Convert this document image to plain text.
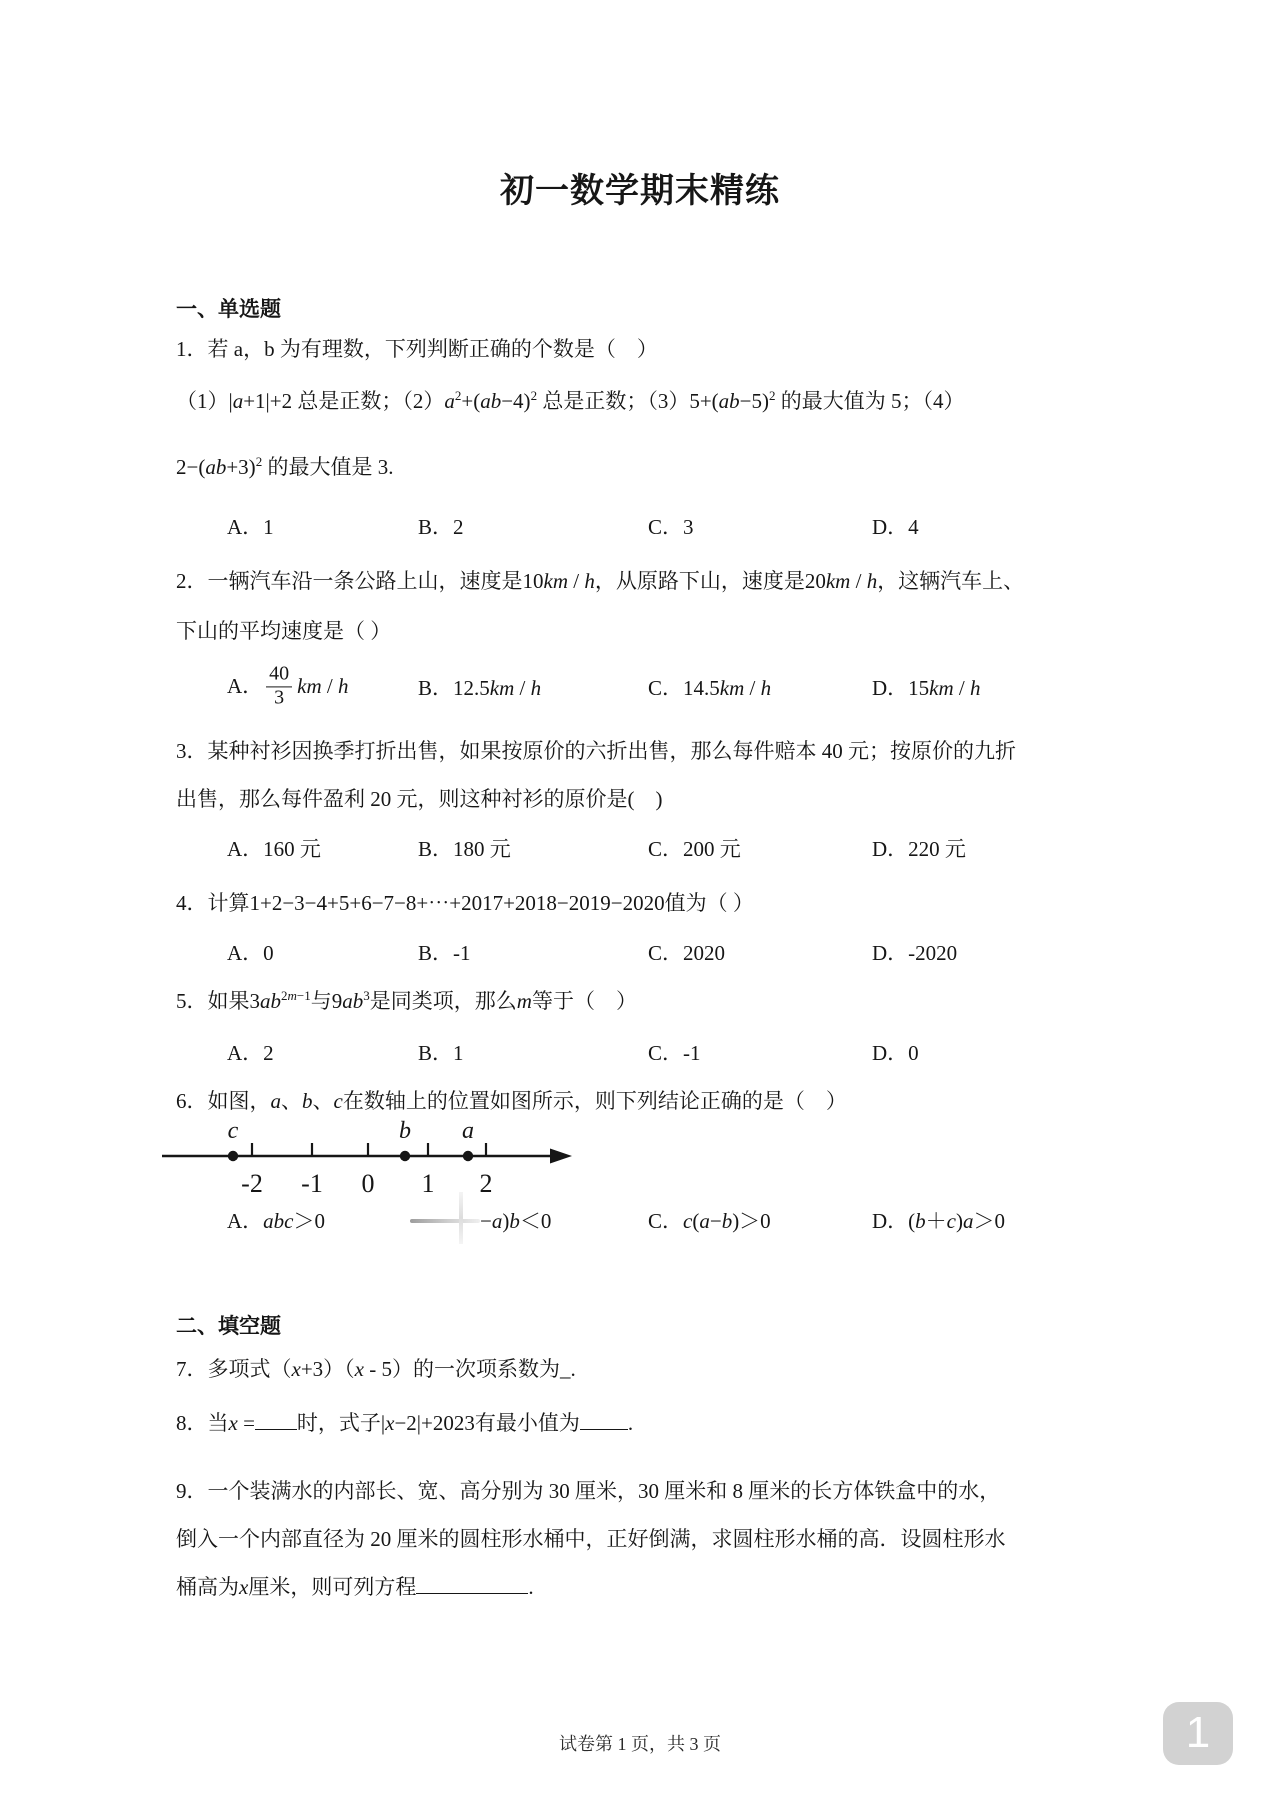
初一数学期末精练
一、单选题
1．若 a，b 为有理数，下列判断正确的个数是（　）
（1）|a+1|+2 总是正数；$(2)a^2+(ab-4)^2$ 总是正数；$(3)5+(ab-5)^2$ 的最大值为 5；（4）
$2-(ab+3)^2$ 的最大值是 3.
A．1	B．2	C．3	D．4
2．一辆汽车沿一条公路上山，速度是10km / h，从原路下山，速度是20km / h，这辆汽车上、
下山的平均速度是（ ）
A． $\frac{40}{3}$ km / h	B．12.5km / h	C．14.5km / h	D．15km / h
3．某种衬衫因换季打折出售，如果按原价的六折出售，那么每件赔本 40 元；按原价的九折
出售，那么每件盈利 20 元，则这种衬衫的原价是(　)
A．160 元	B．180 元	C．200 元	D．220 元
4．计算1+2−3−4+5+6−7−8+⋯+2017+2018−2019−2020值为（ ）
A．0	B．-1	C．2020	D．-2020
5．如果$3ab^{2m-1}$与$9ab^3$是同类项，那么m等于（　）
A．2	B．1	C．-1	D．0
6．如图，a、b、c在数轴上的位置如图所示，则下列结论正确的是（　）
c	b a
-2 -1 0 1 2
A．abc＞0	−a)b＜0	C．c(a−b)＞0	D．(b＋c)a＞0
二、填空题
7．多项式（x+3）（x - 5）的一次项系数为_.
8．当x = 时，式子|x−2|+2023有最小值为 .
9．一个装满水的内部长、宽、高分别为 30 厘米，30 厘米和 8 厘米的长方体铁盒中的水，
倒入一个内部直径为 20 厘米的圆柱形水桶中，正好倒满，求圆柱形水桶的高．设圆柱形水
桶高为x厘米，则可列方程	.
试卷第 1 页，共 3 页	1
